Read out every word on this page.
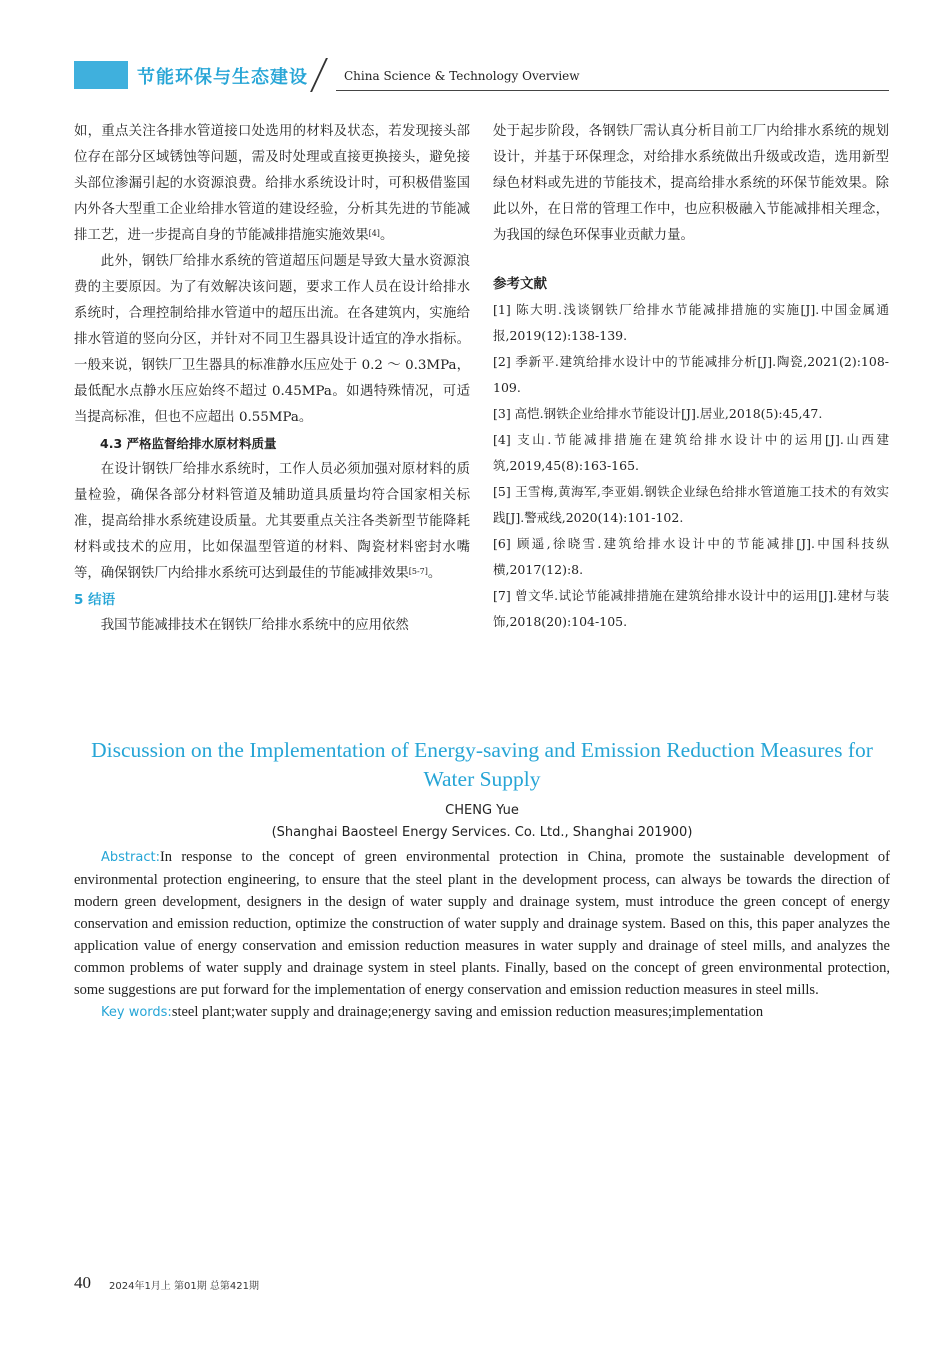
节能环保与生态建设	China Science & Technology Overview

如，重点关注各排水管道接口处选用的材料及状态，若发现接头部位存在部分区域锈蚀等问题，需及时处理或直接更换接头，避免接头部位渗漏引起的水资源浪费。给排水系统设计时，可积极借鉴国内外各大型重工企业给排水管道的建设经验，分析其先进的节能减排工艺，进一步提高自身的节能减排措施实施效果[4]。

此外，钢铁厂给排水系统的管道超压问题是导致大量水资源浪费的主要原因。为了有效解决该问题，要求工作人员在设计给排水系统时，合理控制给排水管道中的超压出流。在各建筑内，实施给排水管道的竖向分区，并针对不同卫生器具设计适宜的净水指标。一般来说，钢铁厂卫生器具的标准静水压应处于 0.2 ～ 0.3MPa，最低配水点静水压应始终不超过 0.45MPa。如遇特殊情况，可适当提高标准，但也不应超出 0.55MPa。

4.3 严格监督给排水原材料质量

在设计钢铁厂给排水系统时，工作人员必须加强对原材料的质量检验，确保各部分材料管道及辅助道具质量均符合国家相关标准，提高给排水系统建设质量。尤其要重点关注各类新型节能降耗材料或技术的应用，比如保温型管道的材料、陶瓷材料密封水嘴等，确保钢铁厂内给排水系统可达到最佳的节能减排效果[5-7]。

5 结语

我国节能减排技术在钢铁厂给排水系统中的应用依然

处于起步阶段，各钢铁厂需认真分析目前工厂内给排水系统的规划设计，并基于环保理念，对给排水系统做出升级或改造，选用新型绿色材料或先进的节能技术，提高给排水系统的环保节能效果。除此以外，在日常的管理工作中，也应积极融入节能减排相关理念，为我国的绿色环保事业贡献力量。

参考文献

[1] 陈大明.浅谈钢铁厂给排水节能减排措施的实施[J].中国金属通报,2019(12):138-139.

[2] 季新平.建筑给排水设计中的节能减排分析[J].陶瓷,2021(2):108-109.

[3] 高恺.钢铁企业给排水节能设计[J].居业,2018(5):45,47.

[4] 支山.节能减排措施在建筑给排水设计中的运用[J].山西建筑,2019,45(8):163-165.

[5] 王雪梅,黄海军,李亚娟.钢铁企业绿色给排水管道施工技术的有效实践[J].警戒线,2020(14):101-102.

[6] 顾遥,徐晓雪.建筑给排水设计中的节能减排[J].中国科技纵横,2017(12):8.

[7] 曾文华.试论节能减排措施在建筑给排水设计中的运用[J].建材与装饰,2018(20):104-105.

Discussion on the Implementation of Energy-saving and Emission Reduction Measures for Water Supply
CHENG Yue
(Shanghai Baosteel Energy Services. Co. Ltd., Shanghai 201900)

Abstract:In response to the concept of green environmental protection in China, promote the sustainable development of environmental protection engineering, to ensure that the steel plant in the development process, can always be towards the direction of modern green development, designers in the design of water supply and drainage system, must introduce the green concept of energy conservation and emission reduction, optimize the construction of water supply and drainage system. Based on this, this paper analyzes the application value of energy conservation and emission reduction measures in water supply and drainage of steel mills, and analyzes the common problems of water supply and drainage system in steel plants. Finally, based on the concept of green environmental protection, some suggestions are put forward for the implementation of energy conservation and emission reduction measures in steel mills.

Key words:steel plant;water supply and drainage;energy saving and emission reduction measures;implementation

40 2024年1月上 第01期 总第421期
